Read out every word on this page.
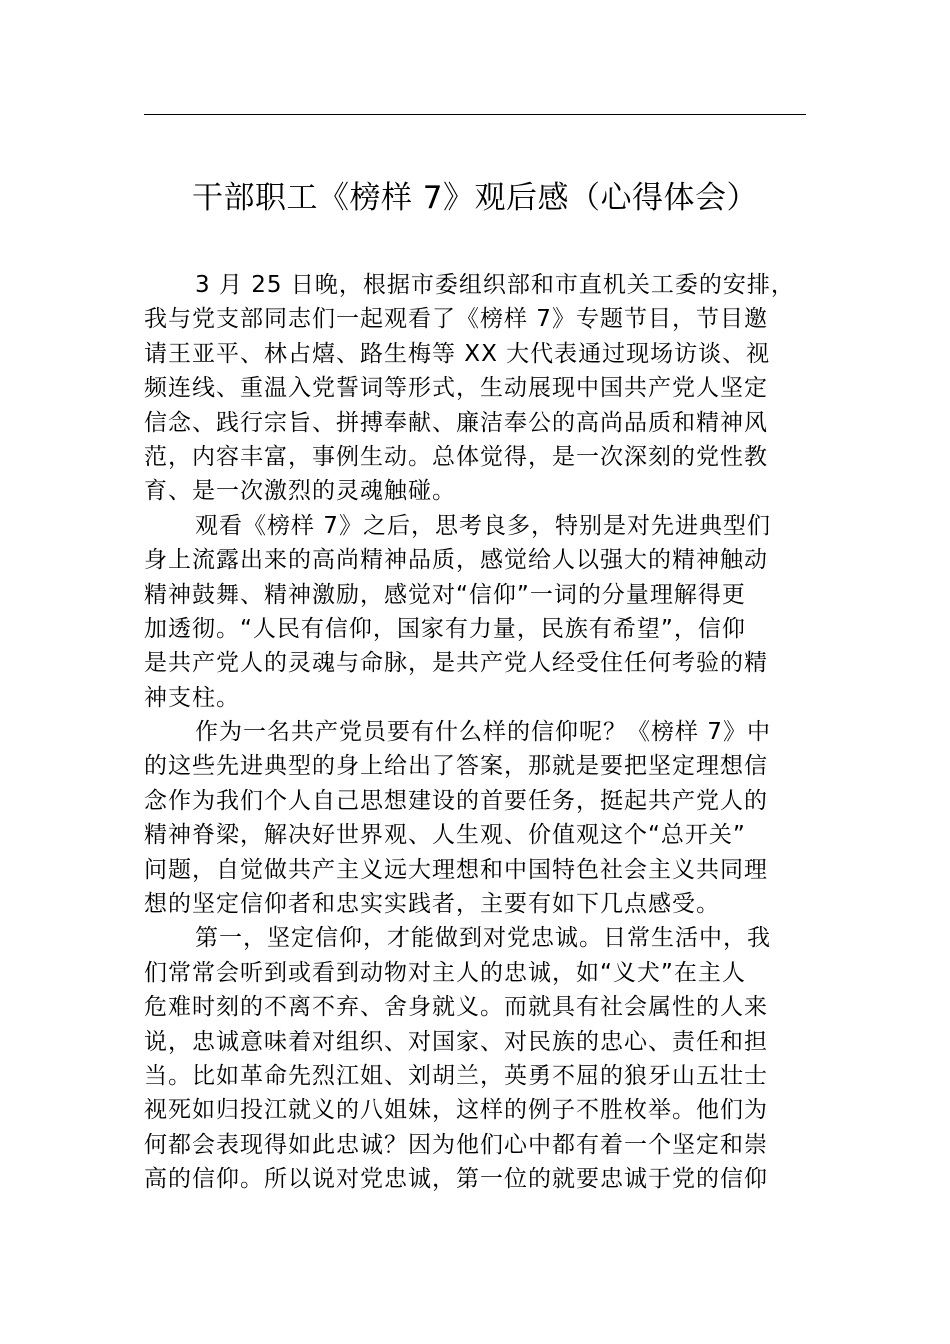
干部职工《榜样 7》观后感（心得体会）
3 月 25 日晚，根据市委组织部和市直机关工委的安排，
我与党支部同志们一起观看了《榜样 7》专题节目，节目邀
请王亚平、林占熺、路生梅等 XX 大代表通过现场访谈、视
频连线、重温入党誓词等形式，生动展现中国共产党人坚定
信念、践行宗旨、拼搏奉献、廉洁奉公的高尚品质和精神风
范，内容丰富，事例生动。总体觉得，是一次深刻的党性教
育、是一次激烈的灵魂触碰。
观看《榜样 7》之后，思考良多，特别是对先进典型们
身上流露出来的高尚精神品质，感觉给人以强大的精神触动
精神鼓舞、精神激励，感觉对“信仰”一词的分量理解得更
加透彻。“人民有信仰，国家有力量，民族有希望”，信仰
是共产党人的灵魂与命脉，是共产党人经受住任何考验的精
神支柱。
作为一名共产党员要有什么样的信仰呢？《榜样 7》中
的这些先进典型的身上给出了答案，那就是要把坚定理想信
念作为我们个人自己思想建设的首要任务，挺起共产党人的
精神脊梁，解决好世界观、人生观、价值观这个“总开关”
问题，自觉做共产主义远大理想和中国特色社会主义共同理
想的坚定信仰者和忠实实践者，主要有如下几点感受。
第一，坚定信仰，才能做到对党忠诚。日常生活中，我
们常常会听到或看到动物对主人的忠诚，如“义犬”在主人
危难时刻的不离不弃、舍身就义。而就具有社会属性的人来
说，忠诚意味着对组织、对国家、对民族的忠心、责任和担
当。比如革命先烈江姐、刘胡兰，英勇不屈的狼牙山五壮士
视死如归投江就义的八姐妹，这样的例子不胜枚举。他们为
何都会表现得如此忠诚？因为他们心中都有着一个坚定和崇
高的信仰。所以说对党忠诚，第一位的就要忠诚于党的信仰
